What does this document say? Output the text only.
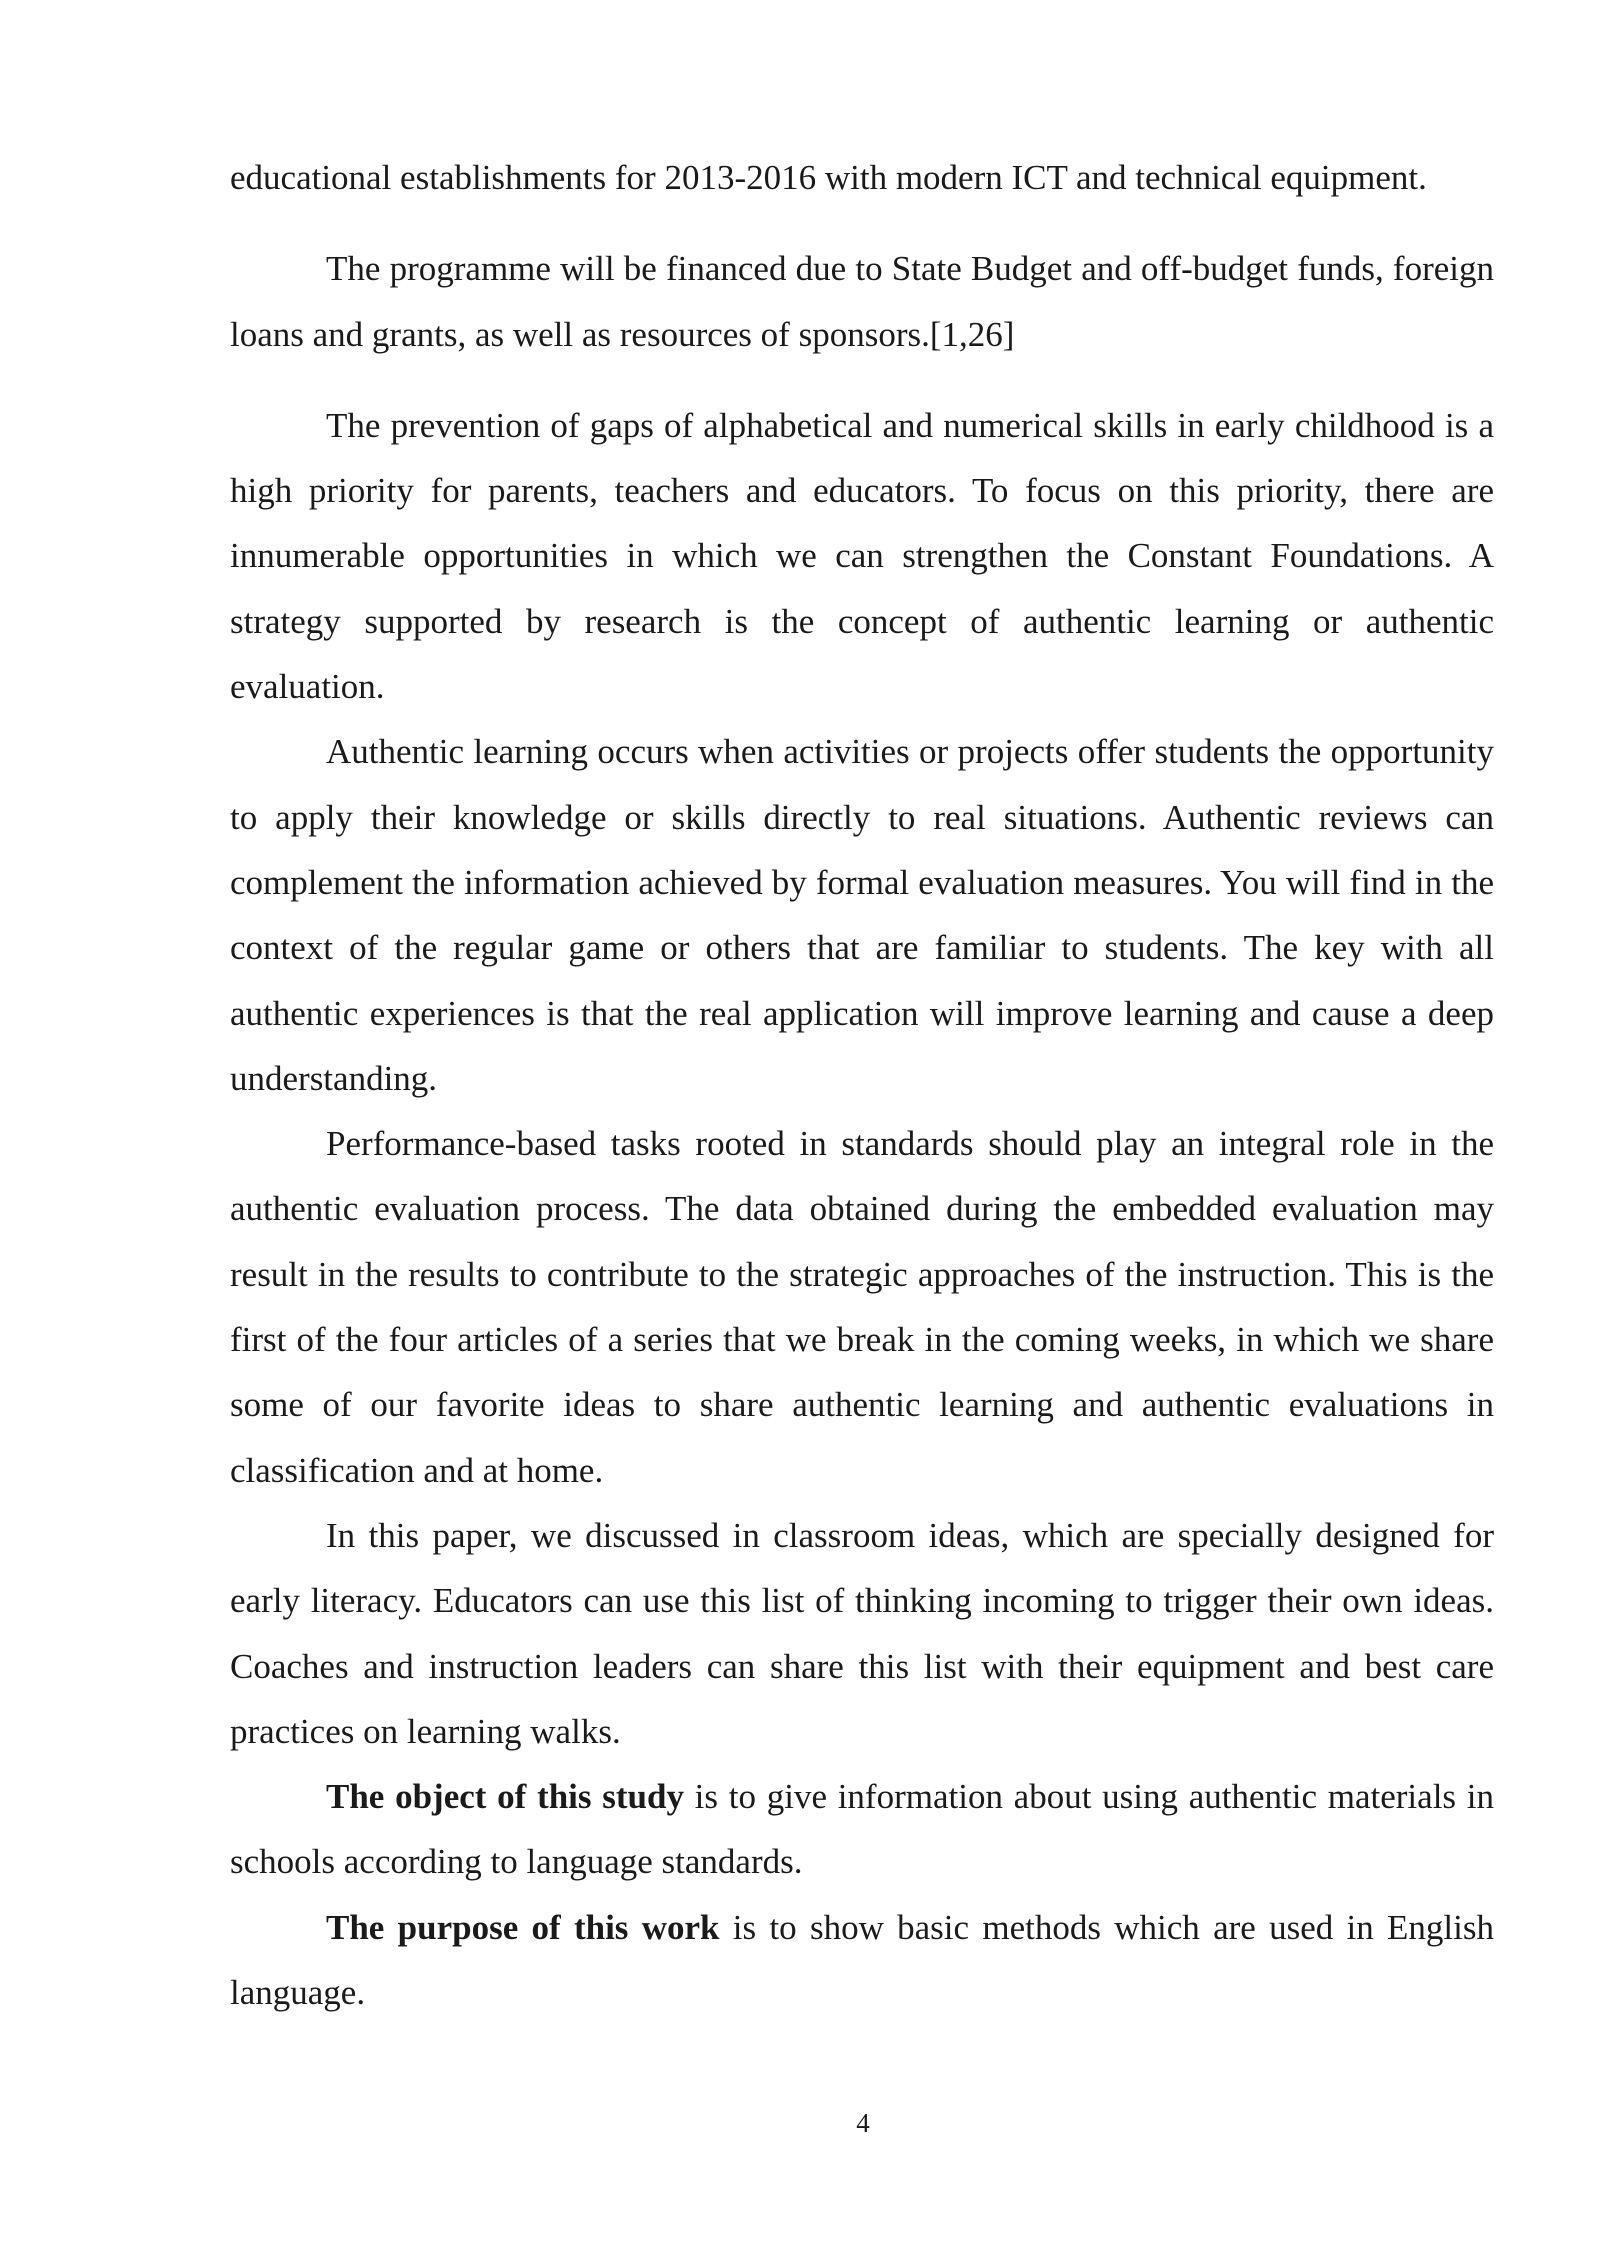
educational establishments for 2013-2016 with modern ICT and technical equipment.

The programme will be financed due to State Budget and off-budget funds, foreign loans and grants, as well as resources of sponsors.[1,26]

The prevention of gaps of alphabetical and numerical skills in early childhood is a high priority for parents, teachers and educators. To focus on this priority, there are innumerable opportunities in which we can strengthen the Constant Foundations. A strategy supported by research is the concept of authentic learning or authentic evaluation.

Authentic learning occurs when activities or projects offer students the opportunity to apply their knowledge or skills directly to real situations. Authentic reviews can complement the information achieved by formal evaluation measures. You will find in the context of the regular game or others that are familiar to students. The key with all authentic experiences is that the real application will improve learning and cause a deep understanding.

Performance-based tasks rooted in standards should play an integral role in the authentic evaluation process. The data obtained during the embedded evaluation may result in the results to contribute to the strategic approaches of the instruction. This is the first of the four articles of a series that we break in the coming weeks, in which we share some of our favorite ideas to share authentic learning and authentic evaluations in classification and at home.

In this paper, we discussed in classroom ideas, which are specially designed for early literacy. Educators can use this list of thinking incoming to trigger their own ideas. Coaches and instruction leaders can share this list with their equipment and best care practices on learning walks.

The object of this study is to give information about using authentic materials in schools according to language standards.

The purpose of this work is to show basic methods which are used in English language.

4
